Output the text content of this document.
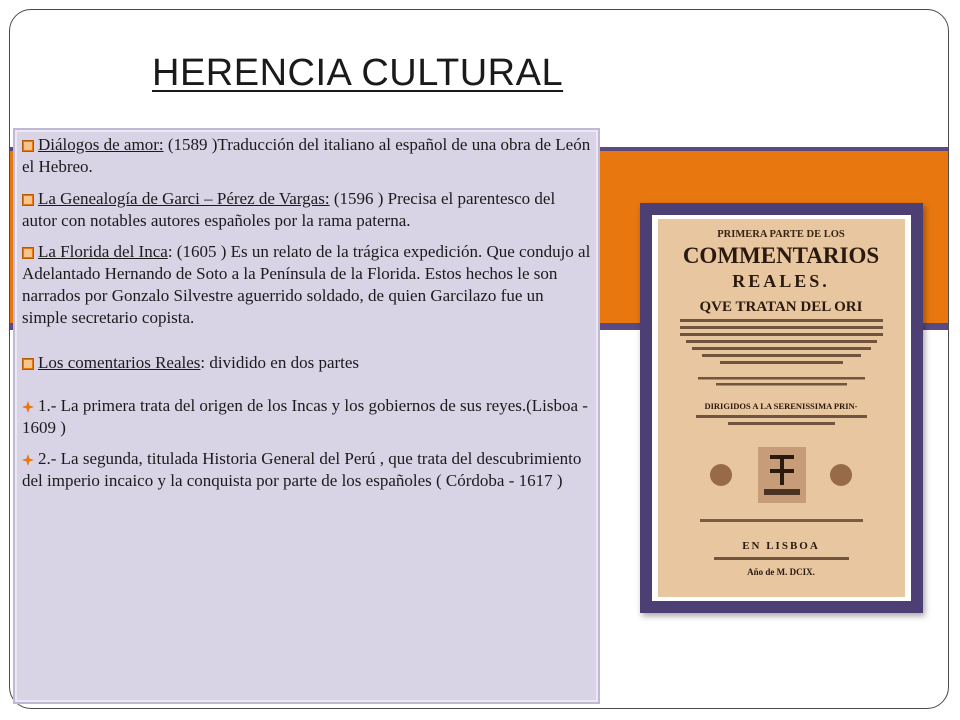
HERENCIA CULTURAL

Diálogos de amor: (1589 )Traducción del italiano al español de una obra de León el Hebreo.

La Genealogía de Garci – Pérez de Vargas: (1596 ) Precisa el parentesco del autor con notables autores españoles por la rama paterna.

La Florida del Inca: (1605 ) Es un relato de la trágica expedición. Que condujo al Adelantado Hernando de Soto a la Península de la Florida. Estos hechos le son narrados por Gonzalo Silvestre aguerrido soldado, de quien Garcilazo fue un simple secretario copista.

Los comentarios Reales: dividido en dos partes

1.- La primera trata del origen de los Incas y los gobiernos de sus reyes.(Lisboa - 1609 )

2.- La segunda, titulada Historia General del Perú , que trata del descubrimiento del imperio incaico y la conquista por parte de los españoles ( Córdoba - 1617 )

PRIMERA PARTE DE LOS
COMMENTARIOS
REALES.
QVE TRATAN DEL ORI
DIRIGIDOS A LA SERENISSIMA PRIN-
EN LISBOA
Año de M. DCIX.
